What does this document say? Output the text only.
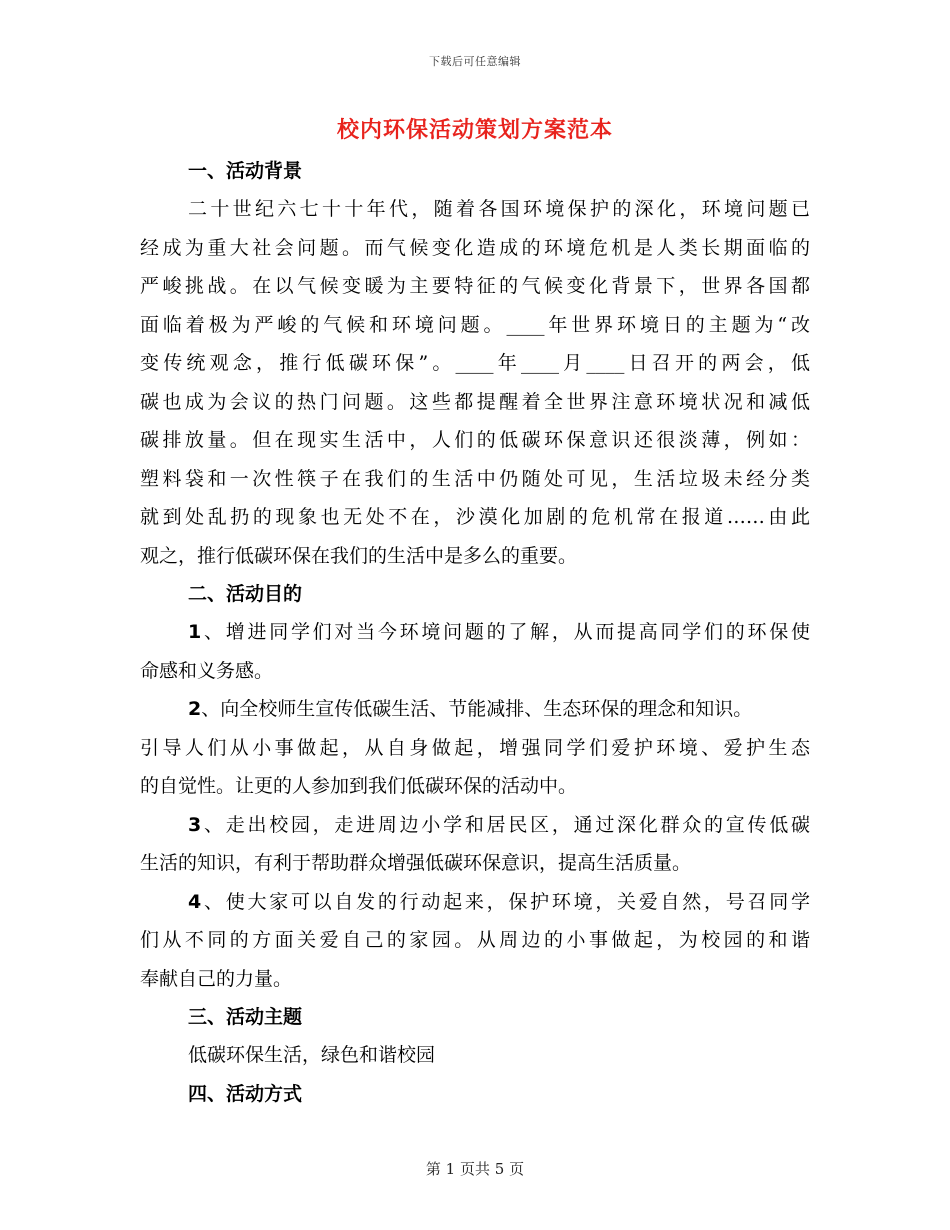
下载后可任意编辑
校内环保活动策划方案范本
一、活动背景
二十世纪六七十十年代，随着各国环境保护的深化，环境问题已
经成为重大社会问题。而气候变化造成的环境危机是人类长期面临的
严峻挑战。在以气候变暖为主要特征的气候变化背景下，世界各国都
面临着极为严峻的气候和环境问题。____年世界环境日的主题为“改
变传统观念，推行低碳环保”。____年____月____日召开的两会，低
碳也成为会议的热门问题。这些都提醒着全世界注意环境状况和减低
碳排放量。但在现实生活中，人们的低碳环保意识还很淡薄，例如：
塑料袋和一次性筷子在我们的生活中仍随处可见，生活垃圾未经分类
就到处乱扔的现象也无处不在，沙漠化加剧的危机常在报道……由此
观之，推行低碳环保在我们的生活中是多么的重要。
二、活动目的
1、增进同学们对当今环境问题的了解，从而提高同学们的环保使
命感和义务感。
2、向全校师生宣传低碳生活、节能减排、生态环保的理念和知识。
引导人们从小事做起，从自身做起，增强同学们爱护环境、爱护生态
的自觉性。让更的人参加到我们低碳环保的活动中。
3、走出校园，走进周边小学和居民区，通过深化群众的宣传低碳
生活的知识，有利于帮助群众增强低碳环保意识，提高生活质量。
4、使大家可以自发的行动起来，保护环境，关爱自然，号召同学
们从不同的方面关爱自己的家园。从周边的小事做起，为校园的和谐
奉献自己的力量。
三、活动主题
低碳环保生活，绿色和谐校园
四、活动方式
第 1 页共 5 页
